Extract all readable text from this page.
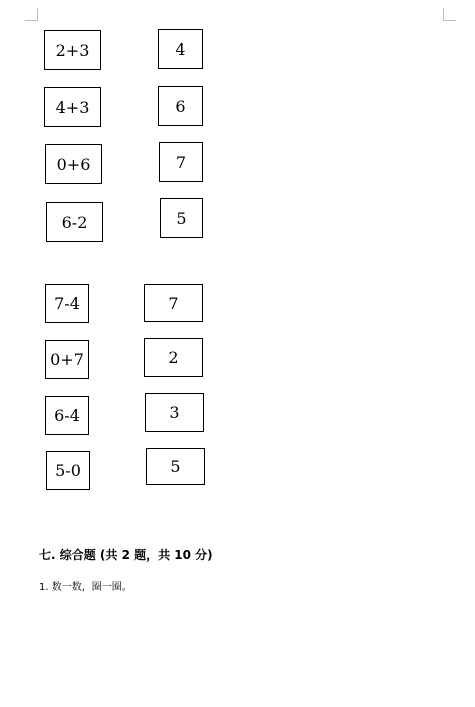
2+3	4
4+3	6
0+6	7
6-2	5
7-4	7
0+7	2
6-4	3
5-0	5
七. 综合题 (共 2 题，共 10 分)
1. 数一数，圈一圈。
